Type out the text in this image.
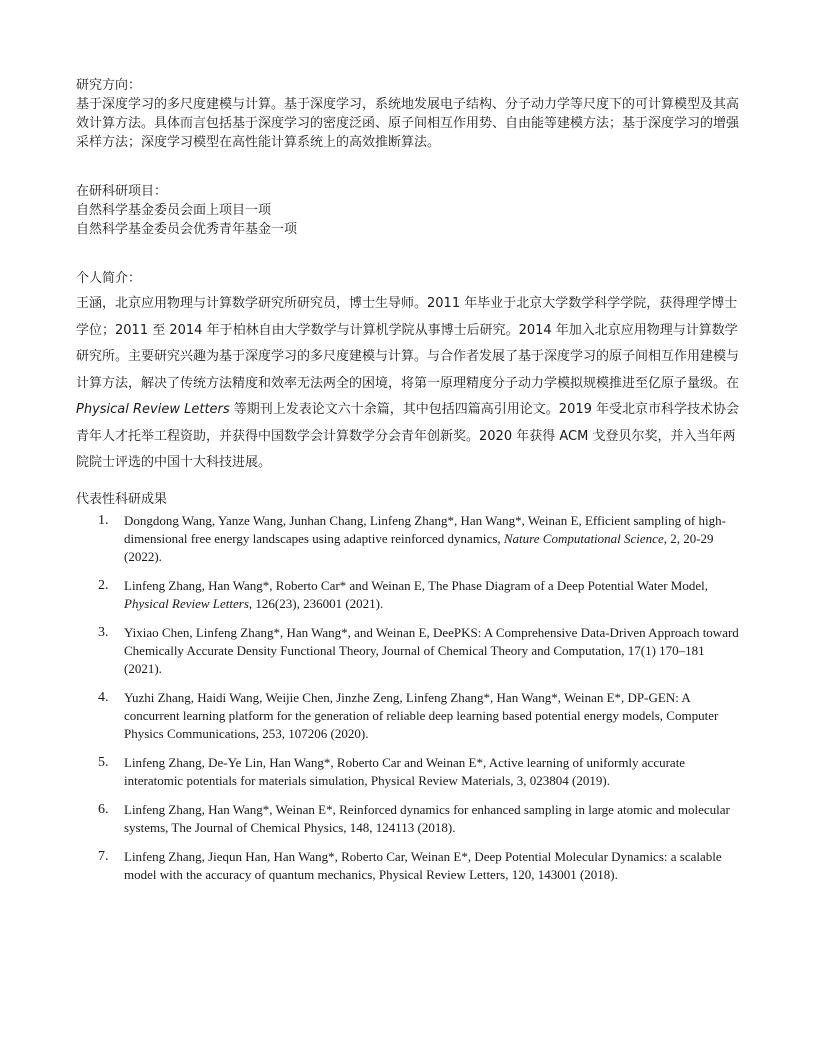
研究方向：

基于深度学习的多尺度建模与计算。基于深度学习，系统地发展电子结构、分子动力学等尺度下的可计算模型及其高效计算方法。具体而言包括基于深度学习的密度泛函、原子间相互作用势、自由能等建模方法；基于深度学习的增强采样方法；深度学习模型在高性能计算系统上的高效推断算法。

在研科研项目：

自然科学基金委员会面上项目一项

自然科学基金委员会优秀青年基金一项

个人简介：

王涵，北京应用物理与计算数学研究所研究员，博士生导师。2011 年毕业于北京大学数学科学学院，获得理学博士学位；2011 至 2014 年于柏林自由大学数学与计算机学院从事博士后研究。2014 年加入北京应用物理与计算数学研究所。主要研究兴趣为基于深度学习的多尺度建模与计算。与合作者发展了基于深度学习的原子间相互作用建模与计算方法，解决了传统方法精度和效率无法两全的困境，将第一原理精度分子动力学模拟规模推进至亿原子量级。在 Physical Review Letters 等期刊上发表论文六十余篇，其中包括四篇高引用论文。2019 年受北京市科学技术协会青年人才托举工程资助，并获得中国数学会计算数学分会青年创新奖。2020 年获得 ACM 戈登贝尔奖，并入当年两院院士评选的中国十大科技进展。

代表性科研成果

1. Dongdong Wang, Yanze Wang, Junhan Chang, Linfeng Zhang*, Han Wang*, Weinan E, Efficient sampling of high-dimensional free energy landscapes using adaptive reinforced dynamics, Nature Computational Science, 2, 20-29 (2022).
2. Linfeng Zhang, Han Wang*, Roberto Car* and Weinan E, The Phase Diagram of a Deep Potential Water Model, Physical Review Letters, 126(23), 236001 (2021).
3. Yixiao Chen, Linfeng Zhang*, Han Wang*, and Weinan E, DeePKS: A Comprehensive Data-Driven Approach toward Chemically Accurate Density Functional Theory, Journal of Chemical Theory and Computation, 17(1) 170–181 (2021).
4. Yuzhi Zhang, Haidi Wang, Weijie Chen, Jinzhe Zeng, Linfeng Zhang*, Han Wang*, Weinan E*, DP-GEN: A concurrent learning platform for the generation of reliable deep learning based potential energy models, Computer Physics Communications, 253, 107206 (2020).
5. Linfeng Zhang, De-Ye Lin, Han Wang*, Roberto Car and Weinan E*, Active learning of uniformly accurate interatomic potentials for materials simulation, Physical Review Materials, 3, 023804 (2019).
6. Linfeng Zhang, Han Wang*, Weinan E*, Reinforced dynamics for enhanced sampling in large atomic and molecular systems, The Journal of Chemical Physics, 148, 124113 (2018).
7. Linfeng Zhang, Jiequn Han, Han Wang*, Roberto Car, Weinan E*, Deep Potential Molecular Dynamics: a scalable model with the accuracy of quantum mechanics, Physical Review Letters, 120, 143001 (2018).
